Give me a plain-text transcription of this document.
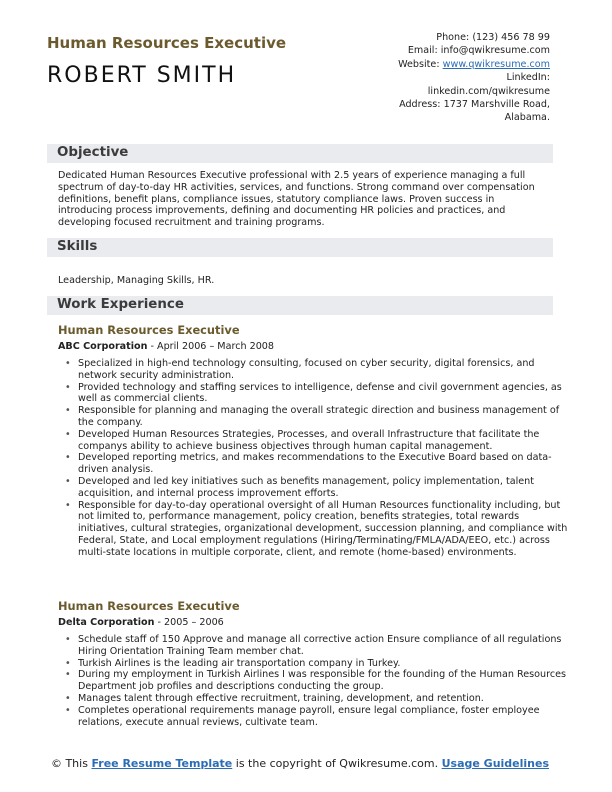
Human Resources Executive
ROBERT SMITH
Phone: (123) 456 78 99
Email: info@qwikresume.com
Website: www.qwikresume.com
LinkedIn:
linkedin.com/qwikresume
Address: 1737 Marshville Road,
Alabama.
Objective
Dedicated Human Resources Executive professional with 2.5 years of experience managing a full spectrum of day-to-day HR activities, services, and functions. Strong command over compensation definitions, benefit plans, compliance issues, statutory compliance laws. Proven success in introducing process improvements, defining and documenting HR policies and practices, and developing focused recruitment and training programs.
Skills
Leadership, Managing Skills, HR.
Work Experience
Human Resources Executive
ABC Corporation - April 2006 – March 2008
• Specialized in high-end technology consulting, focused on cyber security, digital forensics, and network security administration.
• Provided technology and staffing services to intelligence, defense and civil government agencies, as well as commercial clients.
• Responsible for planning and managing the overall strategic direction and business management of the company.
• Developed Human Resources Strategies, Processes, and overall Infrastructure that facilitate the companys ability to achieve business objectives through human capital management.
• Developed reporting metrics, and makes recommendations to the Executive Board based on data-driven analysis.
• Developed and led key initiatives such as benefits management, policy implementation, talent acquisition, and internal process improvement efforts.
• Responsible for day-to-day operational oversight of all Human Resources functionality including, but not limited to, performance management, policy creation, benefits strategies, total rewards initiatives, cultural strategies, organizational development, succession planning, and compliance with Federal, State, and Local employment regulations (Hiring/Terminating/FMLA/ADA/EEO, etc.) across multi-state locations in multiple corporate, client, and remote (home-based) environments.
Human Resources Executive
Delta Corporation - 2005 – 2006
• Schedule staff of 150 Approve and manage all corrective action Ensure compliance of all regulations Hiring Orientation Training Team member chat.
• Turkish Airlines is the leading air transportation company in Turkey.
• During my employment in Turkish Airlines I was responsible for the founding of the Human Resources Department job profiles and descriptions conducting the group.
• Manages talent through effective recruitment, training, development, and retention.
• Completes operational requirements manage payroll, ensure legal compliance, foster employee relations, execute annual reviews, cultivate team.
© This Free Resume Template is the copyright of Qwikresume.com. Usage Guidelines
